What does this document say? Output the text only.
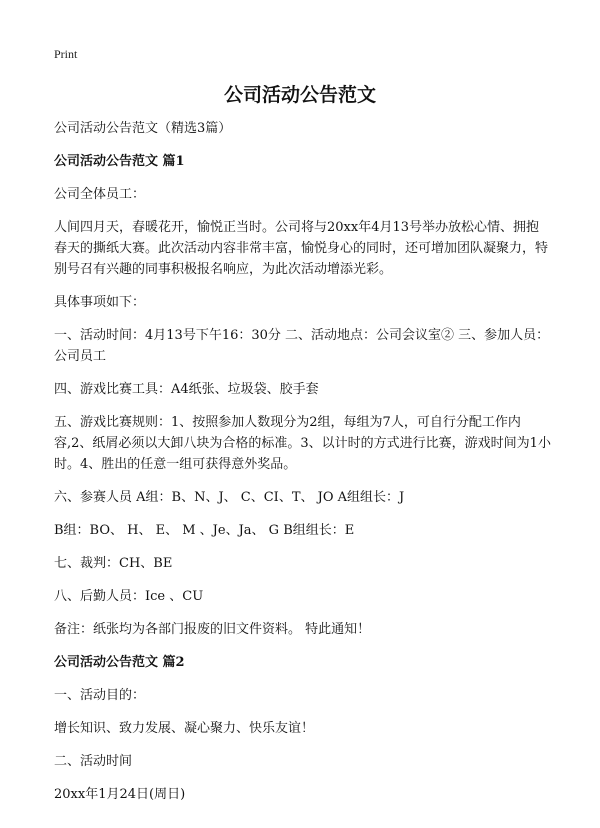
Print
公司活动公告范文

公司活动公告范文（精选3篇）

公司活动公告范文 篇1

公司全体员工：

人间四月天，春暖花开，愉悦正当时。公司将与20xx年4月13号举办放松心情、拥抱春天的撕纸大赛。此次活动内容非常丰富，愉悦身心的同时，还可增加团队凝聚力，特别号召有兴趣的同事积极报名响应，为此次活动增添光彩。

具体事项如下：

一、活动时间：4月13号下午16：30分 二、活动地点：公司会议室② 三、参加人员：公司员工

四、游戏比赛工具：A4纸张、垃圾袋、胶手套

五、游戏比赛规则：1、按照参加人数现分为2组，每组为7人，可自行分配工作内容,2、纸屑必须以大卸八块为合格的标准。3、以计时的方式进行比赛，游戏时间为1小时。4、胜出的任意一组可获得意外奖品。

六、参赛人员 A组：B、N、J、 C、CI、T、 JO A组组长：J

B组：BO、 H、 E、 M 、Je、Ja、 G B组组长：E

七、裁判：CH、BE

八、后勤人员：Ice 、CU

备注：纸张均为各部门报废的旧文件资料。 特此通知！

公司活动公告范文 篇2

一、活动目的：

增长知识、致力发展、凝心聚力、快乐友谊！

二、活动时间

20xx年1月24日(周日)
